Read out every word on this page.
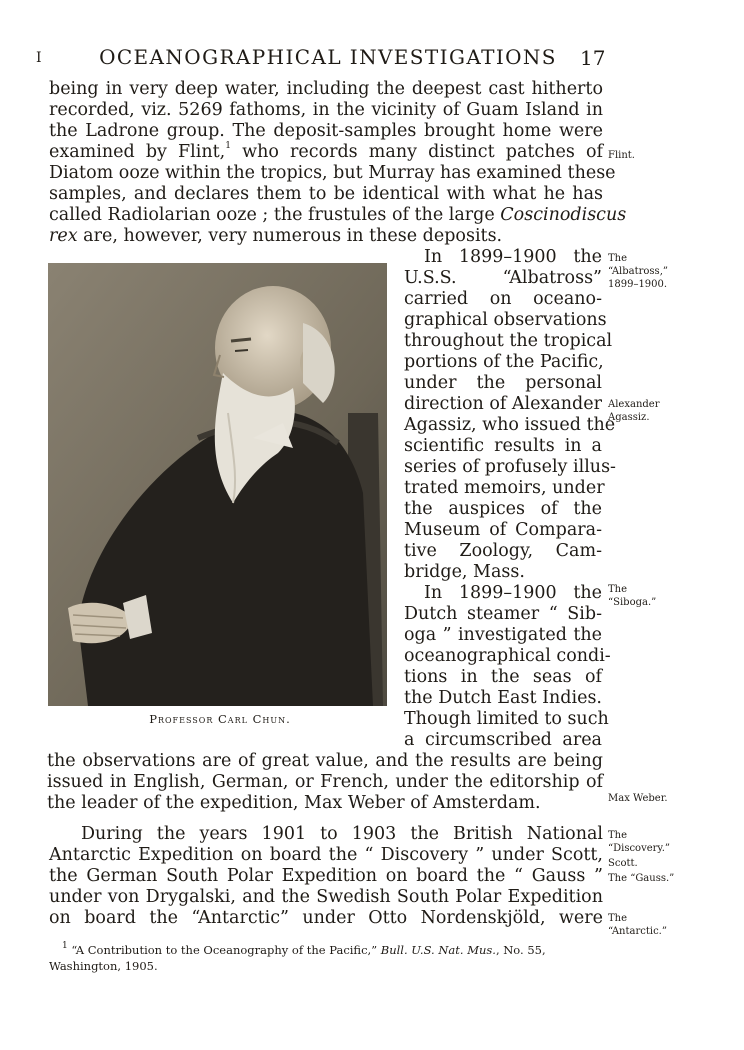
I	OCEANOGRAPHICAL INVESTIGATIONS	17
being in very deep water, including the deepest cast hitherto
recorded, viz. 5269 fathoms, in the vicinity of Guam Island in
the Ladrone group. The deposit-samples brought home were
examined by Flint,$^1$ who records many distinct patches of
Diatom ooze within the tropics, but Murray has examined these
samples, and declares them to be identical with what he has
called Radiolarian ooze ; the frustules of the large Coscinodiscus
rex are, however, very numerous in these deposits.
In 1899–1900 the
U.S.S. “Albatross”
carried on oceano-
graphical observations
throughout the tropical
portions of the Pacific,
under the personal
direction of Alexander
Agassiz, who issued the
scientific results in a
series of profusely illus-
trated memoirs, under
the auspices of the
Museum of Compara-
tive Zoology, Cam-
bridge, Mass.
In 1899–1900 the
Dutch steamer “ Sib-
oga ” investigated the
oceanographical condi-
tions in the seas of
the Dutch East Indies.
Though limited to such
a circumscribed area
the observations are of great value, and the results are being
issued in English, German, or French, under the editorship of
the leader of the expedition, Max Weber of Amsterdam.
During the years 1901 to 1903 the British National
Antarctic Expedition on board the “ Discovery ” under Scott,
the German South Polar Expedition on board the “ Gauss ”
under von Drygalski, and the Swedish South Polar Expedition
on board the “Antarctic” under Otto Nordenskjöld, were
Professor Carl Chun.
Flint.
The
“Albatross,”
1899–1900.
Alexander
Agassiz.
The
“Siboga.”
Max Weber.
The
“Discovery.”
Scott.
The “Gauss.”
The
“Antarctic.”
$^1$ “A Contribution to the Oceanography of the Pacific,” Bull. U.S. Nat. Mus., No. 55,
Washington, 1905.
